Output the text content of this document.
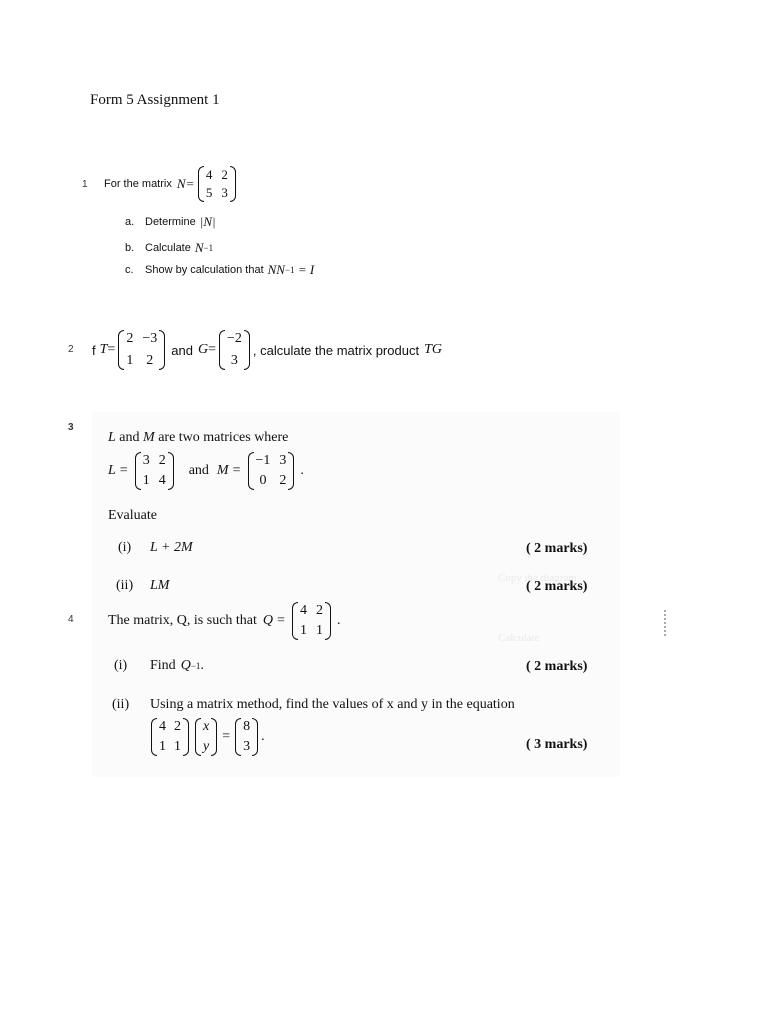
Form 5 Assignment 1
1 For the matrix N =
4 2
5 3
a. Determine |N|
b. Calculate N −1
c.	Show by calculation that NN −1 = I
2 f T =
2 −3
1 2
and G =
−2
3
, calculate the matrix product TG
Copy the diagram
Calculate
3
L and M are two matrices where
L =
3 2
1 4
and M =
−1 3
0 2
.
Evaluate
(i)	L + 2M	( 2 marks)
(ii)	LM	( 2 marks)
4 The matrix, Q, is such that Q =
4 2
1 1
.
(i)	Find Q −1 .	( 2 marks)
(ii)	Using a matrix method, find the values of x and y in the equation
4 2
1 1
x
y
=
8
3
.
( 3 marks)
